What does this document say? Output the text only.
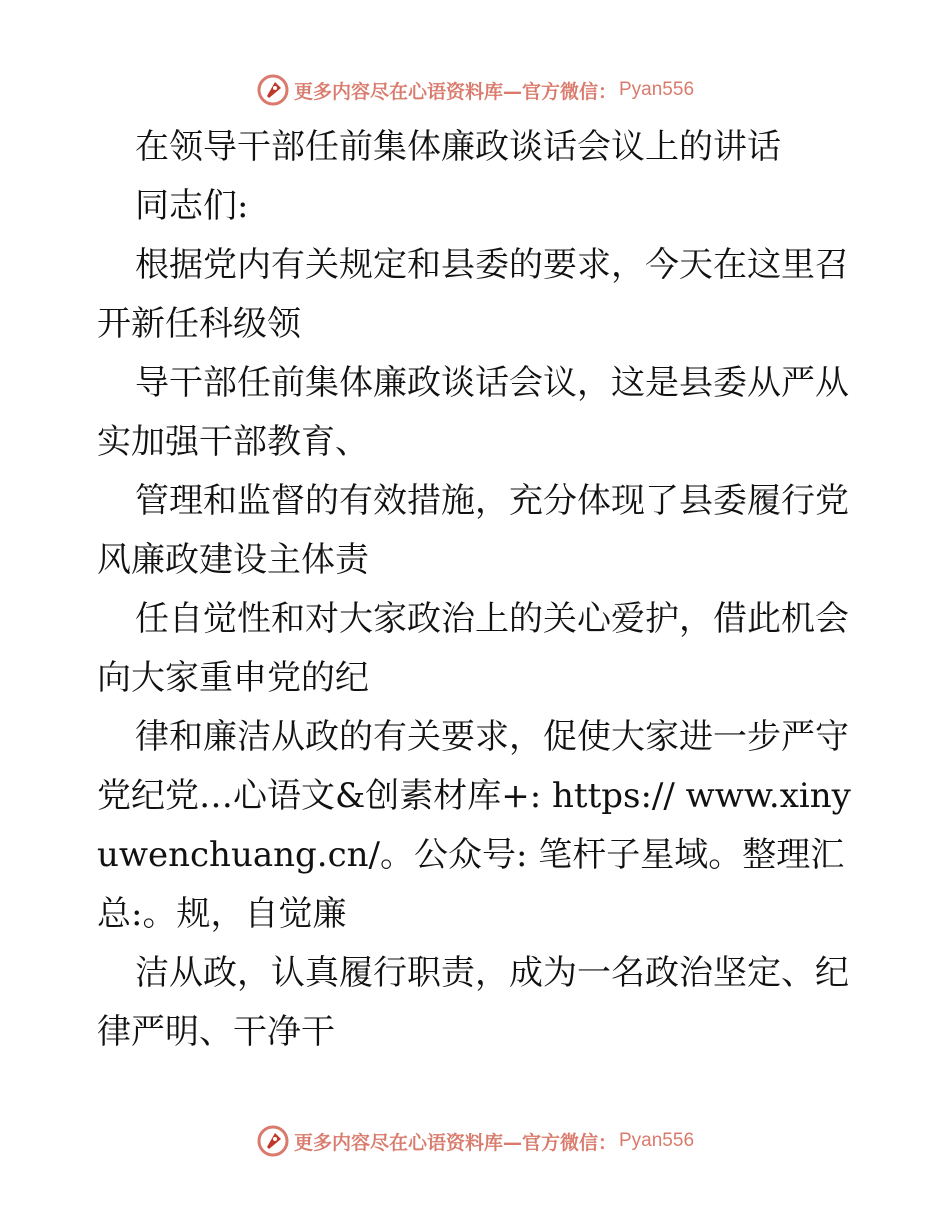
更多内容尽在心语资料库—官方微信： Pyan556

在领导干部任前集体廉政谈话会议上的讲话

同志们:

根据党内有关规定和县委的要求，今天在这里召开新任科级领

导干部任前集体廉政谈话会议，这是县委从严从实加强干部教育、

管理和监督的有效措施，充分体现了县委履行党风廉政建设主体责

任自觉性和对大家政治上的关心爱护，借此机会向大家重申党的纪

律和廉洁从政的有关要求，促使大家进一步严守党纪党…心语文&创素材库+: https:// www.xinyuwenchuang.cn/。公众号: 笔杆子星域。整理汇总:。规，自觉廉

洁从政，认真履行职责，成为一名政治坚定、纪律严明、干净干

更多内容尽在心语资料库—官方微信： Pyan556
